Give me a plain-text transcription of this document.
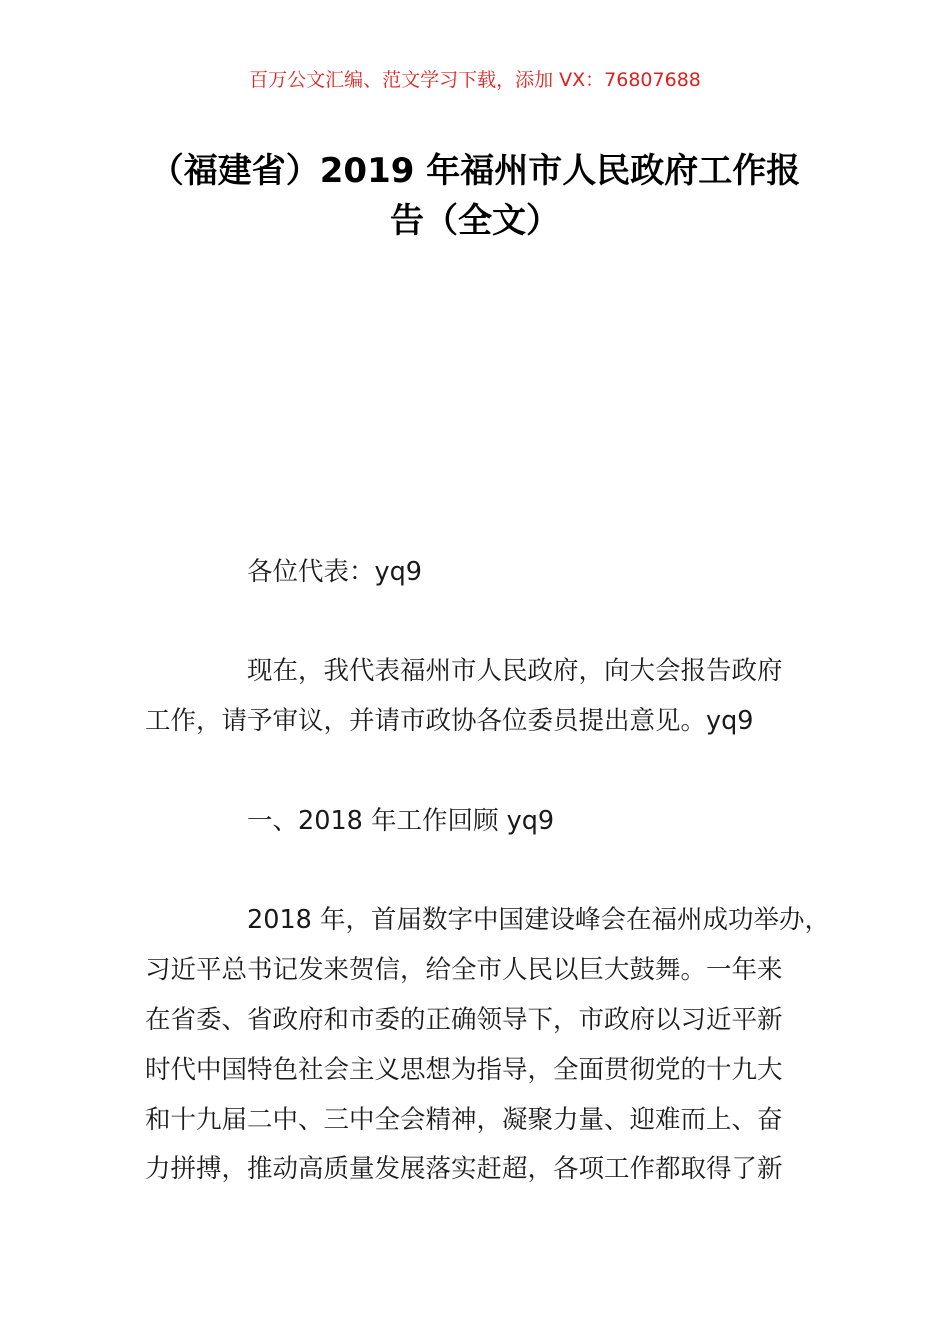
百万公文汇编、范文学习下载，添加 VX：76807688
（福建省）2019 年福州市人民政府工作报
告（全文）
各位代表：yq9
现在，我代表福州市人民政府，向大会报告政府
工作，请予审议，并请市政协各位委员提出意见。yq9
一、2018 年工作回顾 yq9
2018 年，首届数字中国建设峰会在福州成功举办，
习近平总书记发来贺信，给全市人民以巨大鼓舞。一年来
在省委、省政府和市委的正确领导下，市政府以习近平新
时代中国特色社会主义思想为指导，全面贯彻党的十九大
和十九届二中、三中全会精神，凝聚力量、迎难而上、奋
力拼搏，推动高质量发展落实赶超，各项工作都取得了新
